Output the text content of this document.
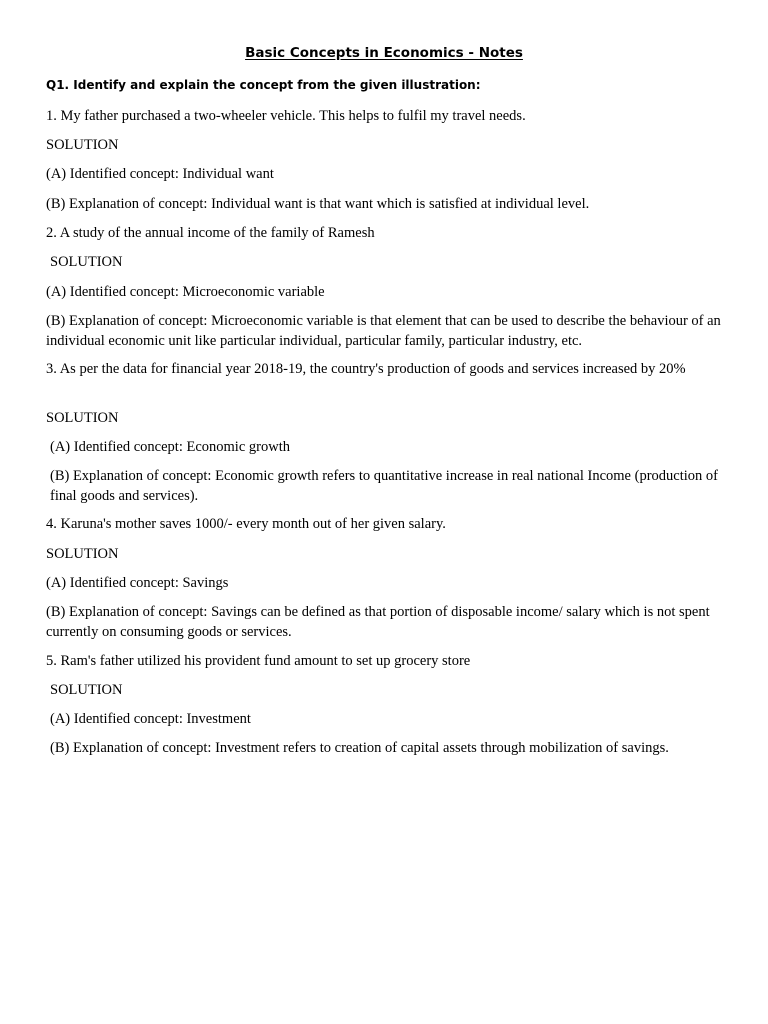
Basic Concepts in Economics - Notes
Q1. Identify and explain the concept from the given illustration:
1. My father purchased a two-wheeler vehicle. This helps to fulfil my travel needs.
SOLUTION
(A) Identified concept: Individual want
(B) Explanation of concept: Individual want is that want which is satisfied at individual level.
2. A study of the annual income of the family of Ramesh
SOLUTION
(A) Identified concept: Microeconomic variable
(B) Explanation of concept: Microeconomic variable is that element that can be used to describe the behaviour of an individual economic unit like particular individual, particular family, particular industry, etc.
3. As per the data for financial year 2018-19, the country's production of goods and services increased by 20%
SOLUTION
(A) Identified concept: Economic growth
(B) Explanation of concept: Economic growth refers to quantitative increase in real national Income (production of final goods and services).
4. Karuna's mother saves 1000/- every month out of her given salary.
SOLUTION
(A) Identified concept: Savings
(B) Explanation of concept: Savings can be defined as that portion of disposable income/ salary which is not spent currently on consuming goods or services.
5. Ram's father utilized his provident fund amount to set up grocery store
SOLUTION
(A) Identified concept: Investment
(B) Explanation of concept: Investment refers to creation of capital assets through mobilization of savings.
